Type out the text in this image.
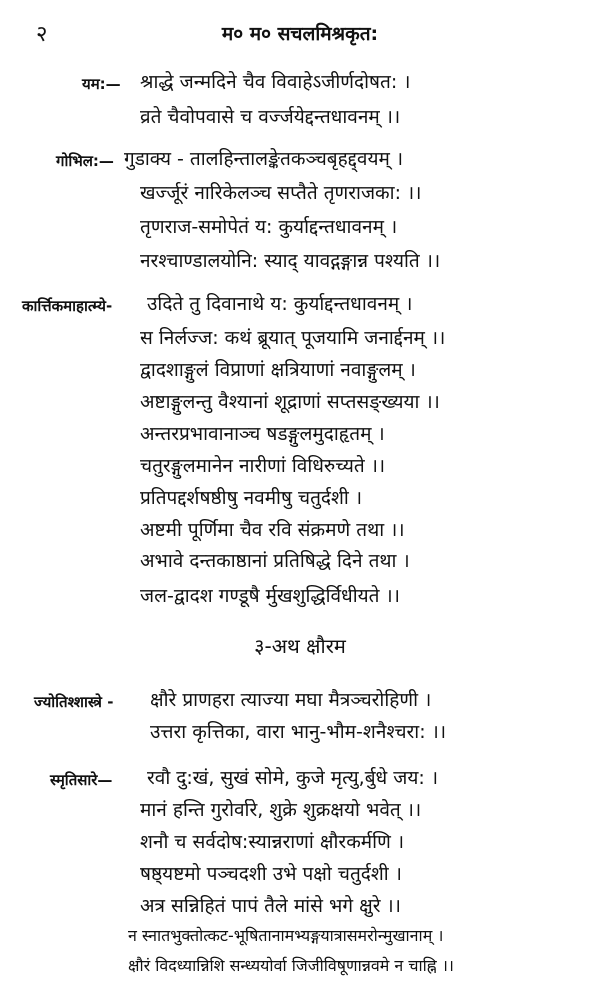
२	म० म० सचलमिश्रकृत:
यम:— श्राद्धे जन्मदिने चैव विवाहेऽजीर्णदोषत: ।
व्रते चैवोपवासे च वर्ज्जयेद्दन्तधावनम् ।।
गोभिल:— गुडाक्य - तालहिन्तालङ्केतकञ्चबृहद्द्वयम् ।
खर्ज्जूरं नारिकेलञ्च सप्तैते तृणराजका: ।।
तृणराज-समोपेतं य: कुर्याद्दन्तधावनम् ।
नरश्चाण्डालयोनि: स्याद् यावद्गङ्गान्न पश्यति ।।
कार्त्तिकमाहात्म्ये- उदिते तु दिवानाथे य: कुर्याद्दन्तधावनम् ।
स निर्लज्ज: कथं ब्रूयात् पूजयामि जनार्द्दनम् ।।
द्वादशाङ्गुलं विप्राणां क्षत्रियाणां नवाङ्गुलम् ।
अष्टाङ्गुलन्तु वैश्यानां शूद्राणां सप्तसङ्ख्यया ।।
अन्तरप्रभावानाञ्च षडङ्गुलमुदाहृतम् ।
चतुरङ्गुलमानेन नारीणां विधिरुच्यते ।।
प्रतिपद्दर्शषष्ठीषु नवमीषु चतुर्दशी ।
अष्टमी पूर्णिमा चैव रवि संक्रमणे तथा ।।
अभावे दन्तकाष्ठानां प्रतिषिद्धे दिने तथा ।
जल-द्वादश गण्डूषै र्मुखशुद्धिर्विधीयते ।।
३-अथ क्षौरम
ज्योतिश्शास्त्रे - क्षौरे प्राणहरा त्याज्या मघा मैत्रञ्चरोहिणी ।
उत्तरा कृत्तिका, वारा भानु-भौम-शनैश्चरा: ।।
स्मृतिसारे— रवौ दु:खं, सुखं सोमे, कुजे मृत्यु,र्बुधे जय: ।
मानं हन्ति गुरोर्वारे, शुक्रे शुक्रक्षयो भवेत् ।।
शनौ च सर्वदोष:स्यान्नराणां क्षौरकर्मणि ।
षष्ठ्यष्टमो पञ्चदशी उभे पक्षो चतुर्दशी ।
अत्र सन्निहितं पापं तैले मांसे भगे क्षुरे ।।
न स्नातभुक्तोत्कट-भूषितानामभ्यङ्गयात्रासमरोन्मुखानाम् ।
क्षौरं विदध्यान्निशि सन्ध्ययोर्वा जिजीविषूणान्नवमे न चाह्नि ।।
